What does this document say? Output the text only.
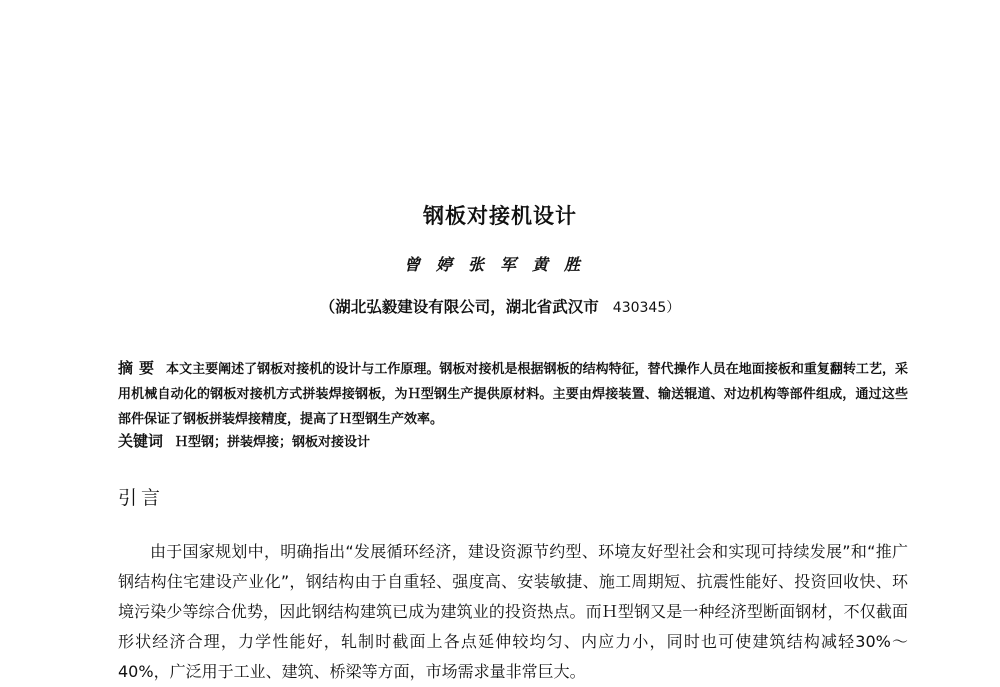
钢板对接机设计
曾婷张军黄胜
（湖北弘毅建设有限公司，湖北省武汉市 430345）
摘要 本文主要阐述了钢板对接机的设计与工作原理。钢板对接机是根据钢板的结构特征，替代操作人员在地面接板和重复翻转工艺，采用机械自动化的钢板对接机方式拼装焊接钢板，为Ｈ型钢生产提供原材料。主要由焊接装置、输送辊道、对边机构等部件组成，通过这些部件保证了钢板拼装焊接精度，提高了Ｈ型钢生产效率。
关键词 Ｈ型钢；拼装焊接；钢板对接设计
引言
由于国家规划中，明确指出“发展循环经济，建设资源节约型、环境友好型社会和实现可持续发展”和“推广钢结构住宅建设产业化”，钢结构由于自重轻、强度高、安装敏捷、施工周期短、抗震性能好、投资回收快、环境污染少等综合优势，因此钢结构建筑已成为建筑业的投资热点。而Ｈ型钢又是一种经济型断面钢材，不仅截面形状经济合理，力学性能好，轧制时截面上各点延伸较均匀、内应力小，同时也可使建筑结构减轻30%～40%，广泛用于工业、建筑、桥梁等方面，市场需求量非常巨大。
